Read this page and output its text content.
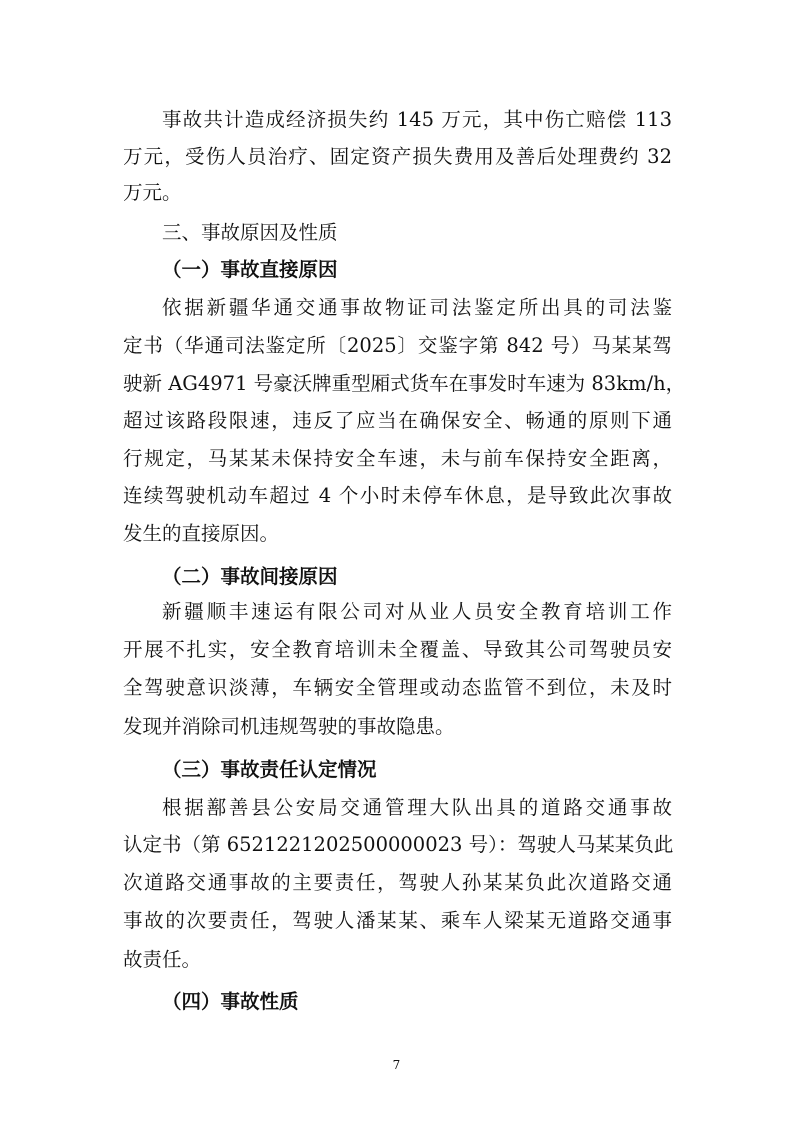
事故共计造成经济损失约 145 万元，其中伤亡赔偿 113
万元，受伤人员治疗、固定资产损失费用及善后处理费约 32
万元。
三、事故原因及性质
（一）事故直接原因
依据新疆华通交通事故物证司法鉴定所出具的司法鉴
定书（华通司法鉴定所〔2025〕交鉴字第 842 号）马某某驾
驶新 AG4971 号豪沃牌重型厢式货车在事发时车速为 83km/h，
超过该路段限速，违反了应当在确保安全、畅通的原则下通
行规定，马某某未保持安全车速，未与前车保持安全距离，
连续驾驶机动车超过 4 个小时未停车休息，是导致此次事故
发生的直接原因。
（二）事故间接原因
新疆顺丰速运有限公司对从业人员安全教育培训工作
开展不扎实，安全教育培训未全覆盖、导致其公司驾驶员安
全驾驶意识淡薄，车辆安全管理或动态监管不到位，未及时
发现并消除司机违规驾驶的事故隐患。
（三）事故责任认定情况
根据鄯善县公安局交通管理大队出具的道路交通事故
认定书（第 6521221202500000023 号）：驾驶人马某某负此
次道路交通事故的主要责任，驾驶人孙某某负此次道路交通
事故的次要责任，驾驶人潘某某、乘车人梁某无道路交通事
故责任。
（四）事故性质
7
